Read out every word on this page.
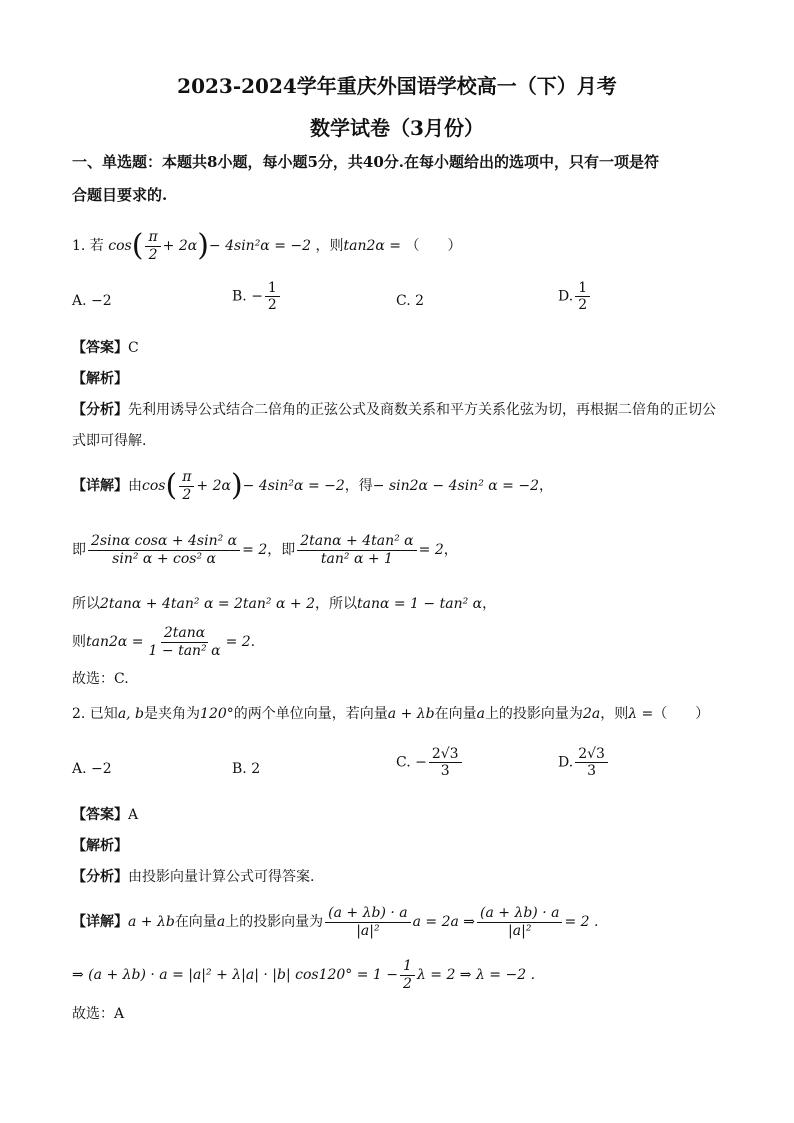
2023-2024学年重庆外国语学校高一（下）月考
数学试卷（3月份）
一、单选题：本题共8小题，每小题5分，共40分.在每小题给出的选项中，只有一项是符
合题目要求的.
1. 若 $\cos( \frac{\pi}{2} + 2\alpha)- 4\sin^2\alpha = -2$ ，则tan2α = （　　）
A. −2	B. − $\frac{1}{2}$	C. 2	D. $\frac{1}{2}$
【答案】C
【解析】
【分析】先利用诱导公式结合二倍角的正弦公式及商数关系和平方关系化弦为切，再根据二倍角的正切公
式即可得解.
【详解】由$\cos( \frac{\pi}{2} + 2\alpha)- 4\sin^2\alpha = -2$，得− sin2α − 4sin² α = −2，
即 $\frac{\text{2sinα cosα + 4sin² α}}{\text{sin² α + cos² α}} = 2$，即 $\frac{\text{2tanα + 4tan² α}}{\text{tan² α + 1}} = 2$，
所以2tanα + 4tan² α = 2tan² α + 2，所以tanα = 1 − tan² α，
则$\tan 2\alpha = \frac{2\tan\alpha}{\text{1 − tan² α}} = 2$.
故选：C.
2. 已知a, b是夹角为120°的两个单位向量，若向量a + λb在向量a上的投影向量为2a，则λ =（　　）
A. −2	B. 2	C. − $\frac{2√3}{3}$	D. $\frac{2√3}{3}$
【答案】A
【解析】
【分析】由投影向量计算公式可得答案.
【详解】a + λb在向量a上的投影向量为 $\frac{(a + \lambda b) \cdot a}{\text{|a|²}}$ a = 2a ⇒ $\frac{(a + \lambda b) \cdot a}{\text{|a|²}} = 2$ .
⇒ (a + λb) · a = |a|² + λ|a| · |b| $\cos 120^\circ = 1 - \frac{1}{2}$ λ = 2 ⇒ λ = −2 .
故选：A
